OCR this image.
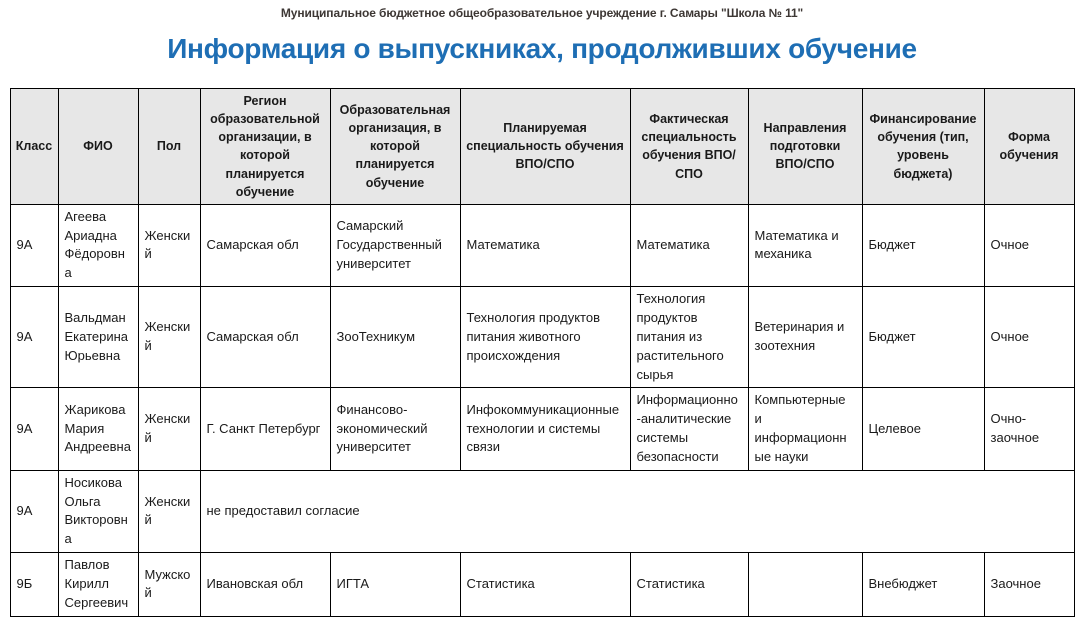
Муниципальное бюджетное общеобразовательное учреждение г. Самары "Школа № 11"
Информация о выпускниках, продолживших обучение
Класс	ФИО	Пол	Регион образовательной организации, в которой планируется обучение	Образовательная организация, в которой планируется обучение	Планируемая специальность обучения ВПО/СПО	Фактическая специальность обучения ВПО/СПО	Направления подготовки ВПО/СПО	Финансирование обучения (тип, уровень бюджета)	Форма обучения
9А	Агеева Ариадна Фёдоровна	Женский	Самарская обл	Самарский Государственный университет	Математика	Математика	Математика и механика	Бюджет	Очное
9А	Вальдман Екатерина Юрьевна	Женский	Самарская обл	ЗооТехникум	Технология продуктов питания животного происхождения	Технология продуктов питания из растительного сырья	Ветеринария и зоотехния	Бюджет	Очное
9А	Жарикова Мария Андреевна	Женский	Г. Санкт Петербург	Финансово-экономический университет	Инфокоммуникационные технологии и системы связи	Информационно-аналитические системы безопасности	Компьютерные и информационные науки	Целевое	Очно-заочное
9А	Носикова Ольга Викторовна	Женский	не предоставил согласие						
9Б	Павлов Кирилл Сергеевич	Мужской	Ивановская обл	ИГТА	Статистика	Статистика		Внебюджет	Заочное
